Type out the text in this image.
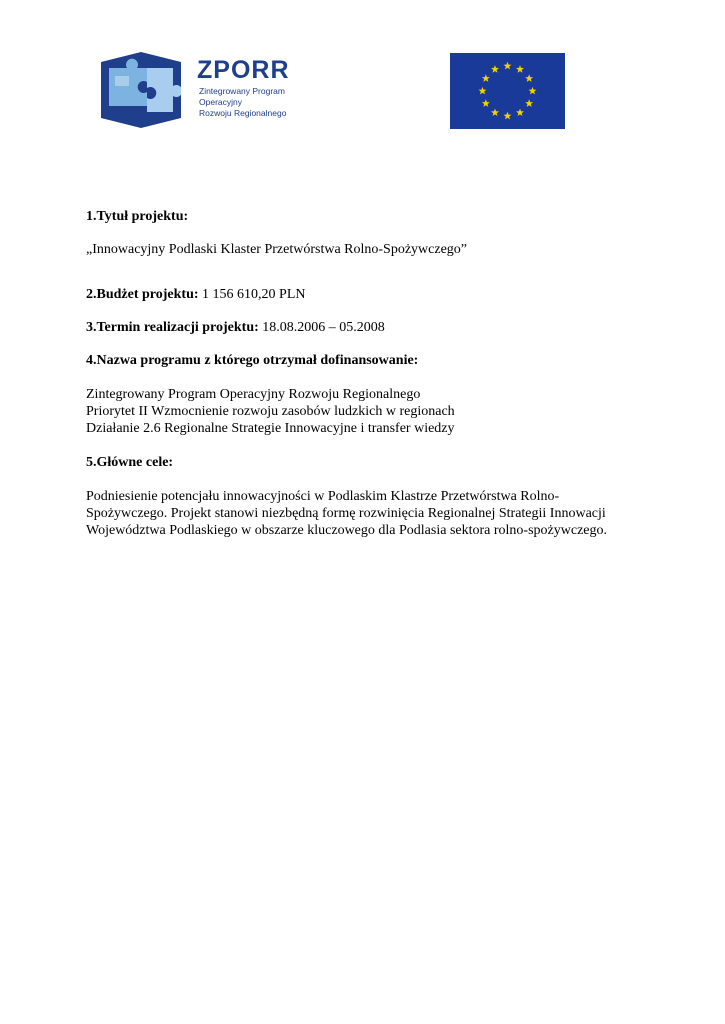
ZPORR
Zintegrowany Program
Operacyjny
Rozwoju Regionalnego

1.Tytuł projektu:

„Innowacyjny Podlaski Klaster Przetwórstwa Rolno-Spożywczego”

2.Budżet projektu: 1 156 610,20 PLN

3.Termin realizacji projektu: 18.08.2006 – 05.2008

4.Nazwa programu z którego otrzymał dofinansowanie:

Zintegrowany Program Operacyjny Rozwoju Regionalnego

Priorytet II Wzmocnienie rozwoju zasobów ludzkich w regionach

Działanie 2.6 Regionalne Strategie Innowacyjne i transfer wiedzy

5.Główne cele:

Podniesienie potencjału innowacyjności w Podlaskim Klastrze Przetwórstwa Rolno-

Spożywczego. Projekt stanowi niezbędną formę rozwinięcia Regionalnej Strategii Innowacji

Województwa Podlaskiego w obszarze kluczowego dla Podlasia sektora rolno-spożywczego.
